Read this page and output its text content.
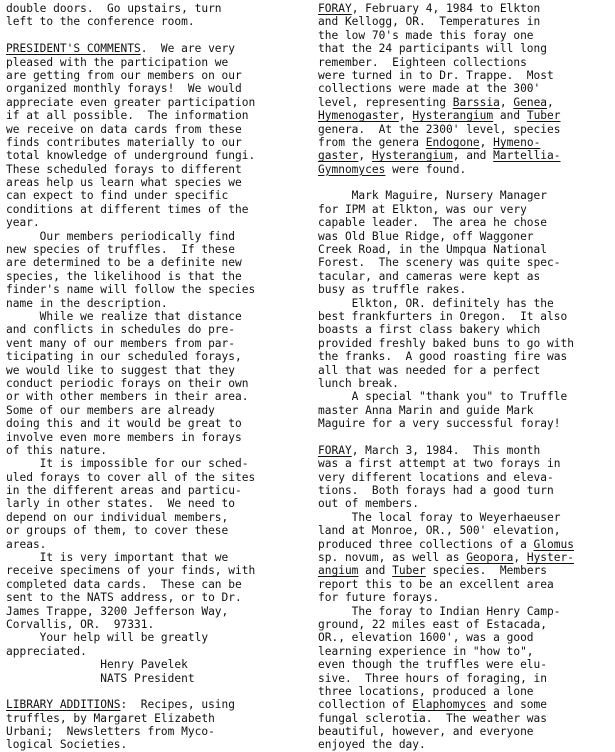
double doors.  Go upstairs, turn
left to the conference room.
PRESIDENT'S COMMENTS.  We are very
pleased with the participation we
are getting from our members on our
organized monthly forays!  We would
appreciate even greater participation
if at all possible.  The information
we receive on data cards from these
finds contributes materially to our
total knowledge of underground fungi.
These scheduled forays to different
areas help us learn what species we
can expect to find under specific
conditions at different times of the
year.
Our members periodically find
new species of truffles.  If these
are determined to be a definite new
species, the likelihood is that the
finder's name will follow the species
name in the description.
While we realize that distance
and conflicts in schedules do pre-
vent many of our members from par-
ticipating in our scheduled forays,
we would like to suggest that they
conduct periodic forays on their own
or with other members in their area.
Some of our members are already
doing this and it would be great to
involve even more members in forays
of this nature.
It is impossible for our sched-
uled forays to cover all of the sites
in the different areas and particu-
larly in other states.  We need to
depend on our individual members,
or groups of them, to cover these
areas.
It is very important that we
receive specimens of your finds, with
completed data cards.  These can be
sent to the NATS address, or to Dr.
James Trappe, 3200 Jefferson Way,
Corvallis, OR.  97331.
Your help will be greatly
appreciated.
Henry Pavelek
NATS President
LIBRARY ADDITIONS:  Recipes, using
truffles, by Margaret Elizabeth
Urbani;  Newsletters from Myco-
logical Societies.
FORAY, February 4, 1984 to Elkton
and Kellogg, OR.  Temperatures in
the low 70's made this foray one
that the 24 participants will long
remember.  Eighteen collections
were turned in to Dr. Trappe.  Most
collections were made at the 300'
level, representing Barssia, Genea,
Hymenogaster, Hysterangium and Tuber
genera.  At the 2300' level, species
from the genera Endogone, Hymeno-
gaster, Hysterangium, and Martellia-
Gymnomyces were found.
Mark Maguire, Nursery Manager
for IPM at Elkton, was our very
capable leader.  The area he chose
was Old Blue Ridge, off Waggoner
Creek Road, in the Umpqua National
Forest.  The scenery was quite spec-
tacular, and cameras were kept as
busy as truffle rakes.
Elkton, OR. definitely has the
best frankfurters in Oregon.  It also
boasts a first class bakery which
provided freshly baked buns to go with
the franks.  A good roasting fire was
all that was needed for a perfect
lunch break.
A special "thank you" to Truffle
master Anna Marin and guide Mark
Maguire for a very successful foray!
FORAY, March 3, 1984.  This month
was a first attempt at two forays in
very different locations and eleva-
tions.  Both forays had a good turn
out of members.
The local foray to Weyerhaeuser
land at Monroe, OR., 500' elevation,
produced three collections of a Glomus
sp. novum, as well as Geopora, Hyster-
angium and Tuber species.  Members
report this to be an excellent area
for future forays.
The foray to Indian Henry Camp-
ground, 22 miles east of Estacada,
OR., elevation 1600', was a good
learning experience in "how to",
even though the truffles were elu-
sive.  Three hours of foraging, in
three locations, produced a lone
collection of Elaphomyces and some
fungal sclerotia.  The weather was
beautiful, however, and everyone
enjoyed the day.
